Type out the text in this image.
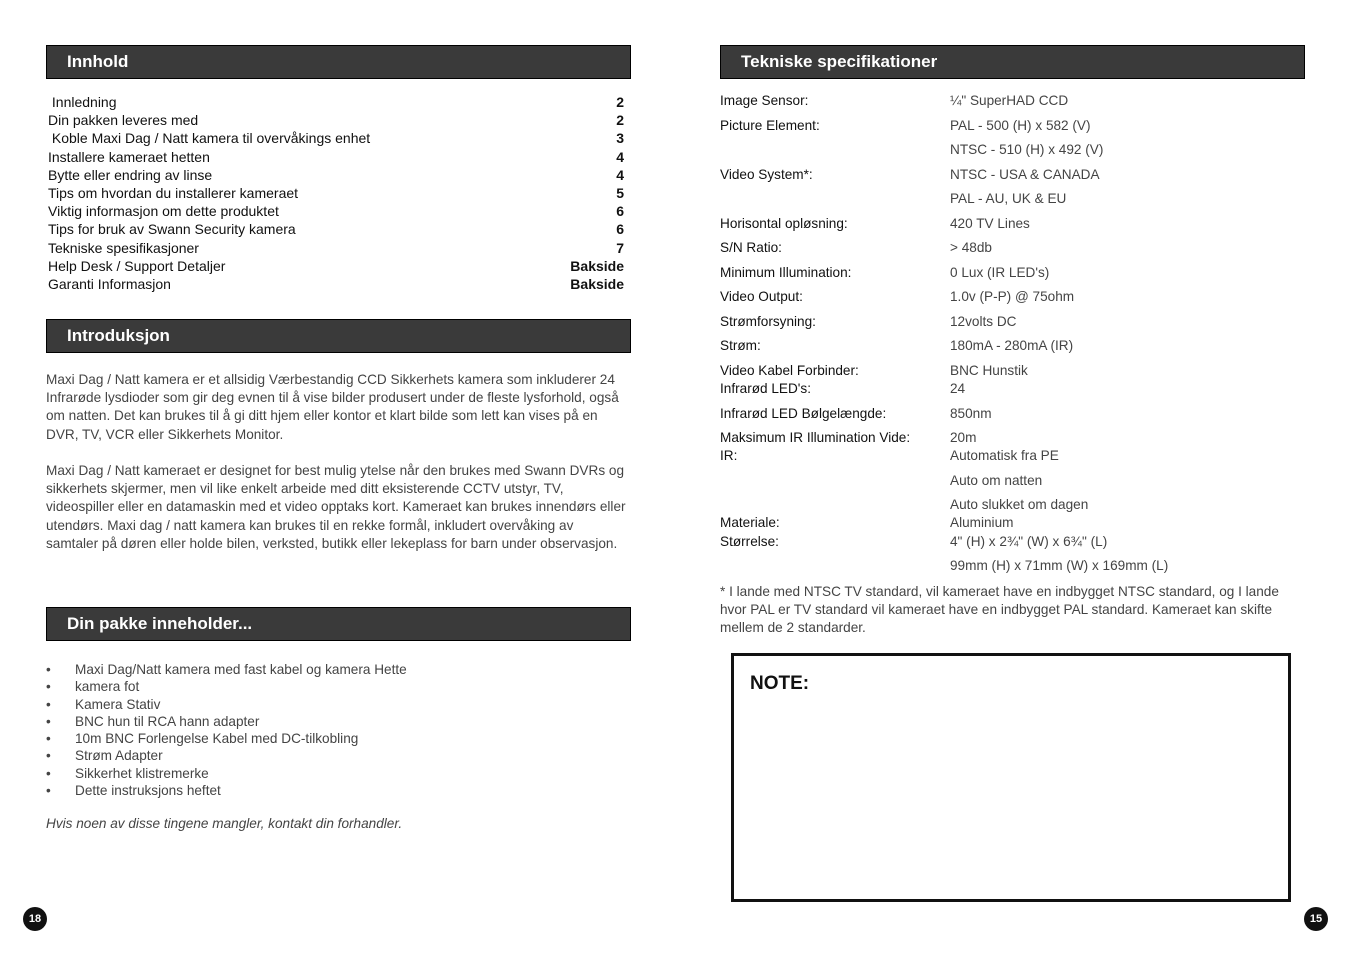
Innhold
Innledning	2
Din pakken leveres med	2
Koble Maxi Dag / Natt kamera til overvåkings enhet	3
Installere kameraet hetten	4
Bytte eller endring av linse	4
Tips om hvordan du installerer kameraet	5
Viktig informasjon om dette produktet	6
Tips for bruk av Swann Security kamera	6
Tekniske spesifikasjoner	7
Help Desk / Support Detaljer	Bakside
Garanti Informasjon	Bakside
Introduksjon
Maxi Dag / Natt kamera er et allsidig Værbestandig CCD Sikkerhets kamera som inkluderer 24 Infrarøde lysdioder som gir deg evnen til å vise bilder produsert under de fleste lysforhold, også om natten. Det kan brukes til å gi ditt hjem eller kontor et klart bilde som lett kan vises på en DVR, TV, VCR eller Sikkerhets Monitor.
Maxi Dag / Natt kameraet er designet for best mulig ytelse når den brukes med Swann DVRs og sikkerhets skjermer, men vil like enkelt arbeide med ditt eksisterende CCTV utstyr, TV, videospiller eller en datamaskin med et video opptaks kort. Kameraet kan brukes innendørs eller utendørs. Maxi dag / natt kamera kan brukes til en rekke formål, inkludert overvåking av samtaler på døren eller holde bilen, verksted, butikk eller lekeplass for barn under observasjon.
Din pakke inneholder...
•	Maxi Dag/Natt kamera med fast kabel og kamera Hette
•	kamera fot
•	Kamera Stativ
•	BNC hun til RCA hann adapter
•	10m BNC Forlengelse Kabel med DC-tilkobling
•	Strøm Adapter
•	Sikkerhet klistremerke
•	Dette instruksjons heftet
Hvis noen av disse tingene mangler, kontakt din forhandler.
18
Tekniske specifikationer
Image Sensor:	¼" SuperHAD CCD
Picture Element:	PAL - 500 (H) x 582 (V)
NTSC - 510 (H) x 492 (V)
Video System*:	NTSC - USA & CANADA
PAL - AU, UK & EU
Horisontal opløsning:	420 TV Lines
S/N Ratio:	> 48db
Minimum Illumination:	0 Lux (IR LED's)
Video Output:	1.0v (P-P) @ 75ohm
Strømforsyning:	12volts DC
Strøm:	180mA - 280mA (IR)
Video Kabel Forbinder:	BNC Hunstik
Infrarød LED's:	24
Infrarød LED Bølgelængde:	850nm
Maksimum IR Illumination Vide:	20m
IR:	Automatisk fra PE
Auto om natten
Auto slukket om dagen
Materiale:	Aluminium
Størrelse:	4" (H) x 2¾" (W) x 6¾" (L)
99mm (H) x 71mm (W) x 169mm (L)
* I lande med NTSC TV standard, vil kameraet have en indbygget NTSC standard, og I lande hvor PAL er TV standard vil kameraet have en indbygget PAL standard. Kameraet kan skifte mellem de 2 standarder.
NOTE:
15
